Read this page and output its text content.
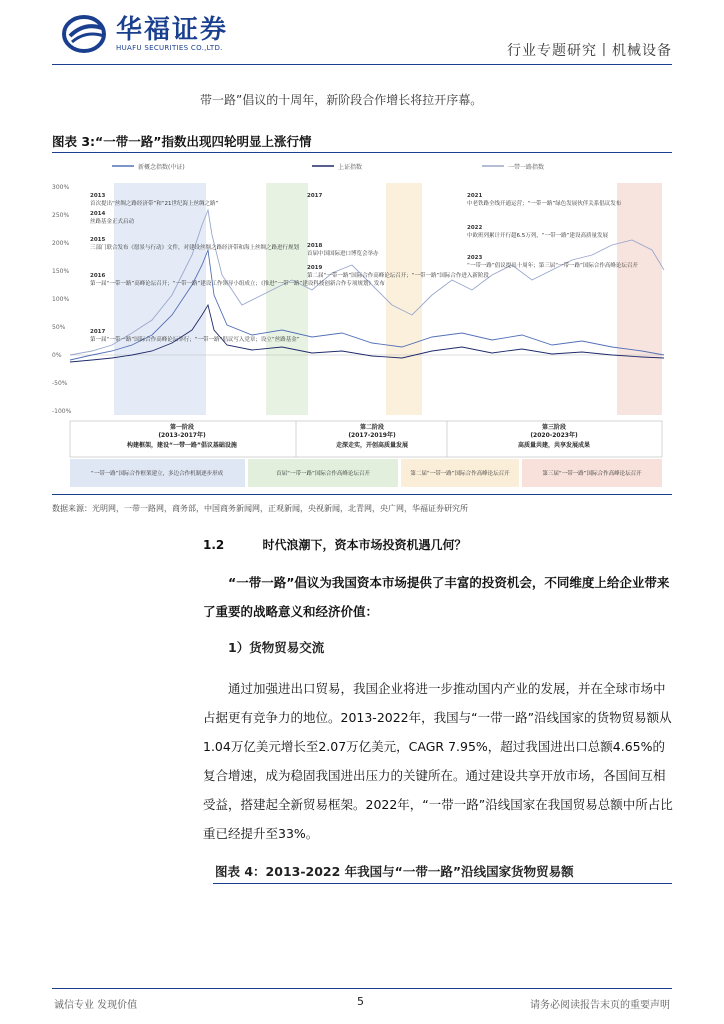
华福证券
HUAFU SECURITIES CO.,LTD.	行业专题研究丨机械设备
带一路”倡议的十周年，新阶段合作增长将拉开序幕。
图表 3:“一带一路”指数出现四轮明显上涨行情
新概念指数(中证)	上证指数	一带一路指数
300%
250%
200%
150%
100%
50%
0%
-50%
-100%
2013
首次提出“丝绸之路经济带”和“21世纪海上丝绸之路”
2014
丝路基金正式启动
2015
三部门联合发布《愿景与行动》文件，对建设丝绸之路经济带和海上丝绸之路进行规划
2016
第一届“一带一路”高峰论坛召开；“一带一路”建设工作领导小组成立；《推进“一带一路”建设科技创新合作专项规划》发布
2017
第一届“一带一路”国际合作高峰论坛举行；“一带一路”倡议写入党章；设立“丝路基金”
2017
2018
首届中国国际进口博览会举办
2019
第二届“一带一路”国际合作高峰论坛召开；“一带一路”国际合作进入新阶段
2021
中老铁路全线开通运营；“一带一路”绿色发展伙伴关系倡议发布
2022
中欧班列累计开行超6.5万列，“一带一路”建设高质量发展
2023
“一带一路”倡议提出十周年；第三届“一带一路”国际合作高峰论坛召开
第一阶段
(2013-2017年)
构建框架，建设“一带一路”倡议基础设施
第二阶段
(2017-2019年)
走深走实，开创高质量发展
第三阶段
(2020-2023年)
高质量共建，共享发展成果
“一带一路”国际合作框架建立，多边合作机制逐步形成	首届“一带一路”国际合作高峰论坛召开	第二届“一带一路”国际合作高峰论坛召开	第三届“一带一路”国际合作高峰论坛召开
数据来源：光明网，一带一路网，商务部，中国商务新闻网，正观新闻，央视新闻，北青网，央广网，华福证券研究所
1.2	时代浪潮下，资本市场投资机遇几何？
“一带一路”倡议为我国资本市场提供了丰富的投资机会，不同维度上给企业带来了重要的战略意义和经济价值：
1）货物贸易交流
通过加强进出口贸易，我国企业将进一步推动国内产业的发展，并在全球市场中占据更有竞争力的地位。2013-2022年，我国与“一带一路”沿线国家的货物贸易额从1.04万亿美元增长至2.07万亿美元，CAGR 7.95%，超过我国进出口总额4.65%的复合增速，成为稳固我国进出压力的关键所在。通过建设共享开放市场，各国间互相受益，搭建起全新贸易框架。2022年，“一带一路”沿线国家在我国贸易总额中所占比重已经提升至33%。
图表 4：2013-2022 年我国与“一带一路”沿线国家货物贸易额
诚信专业 发现价值	5	请务必阅读报告末页的重要声明
